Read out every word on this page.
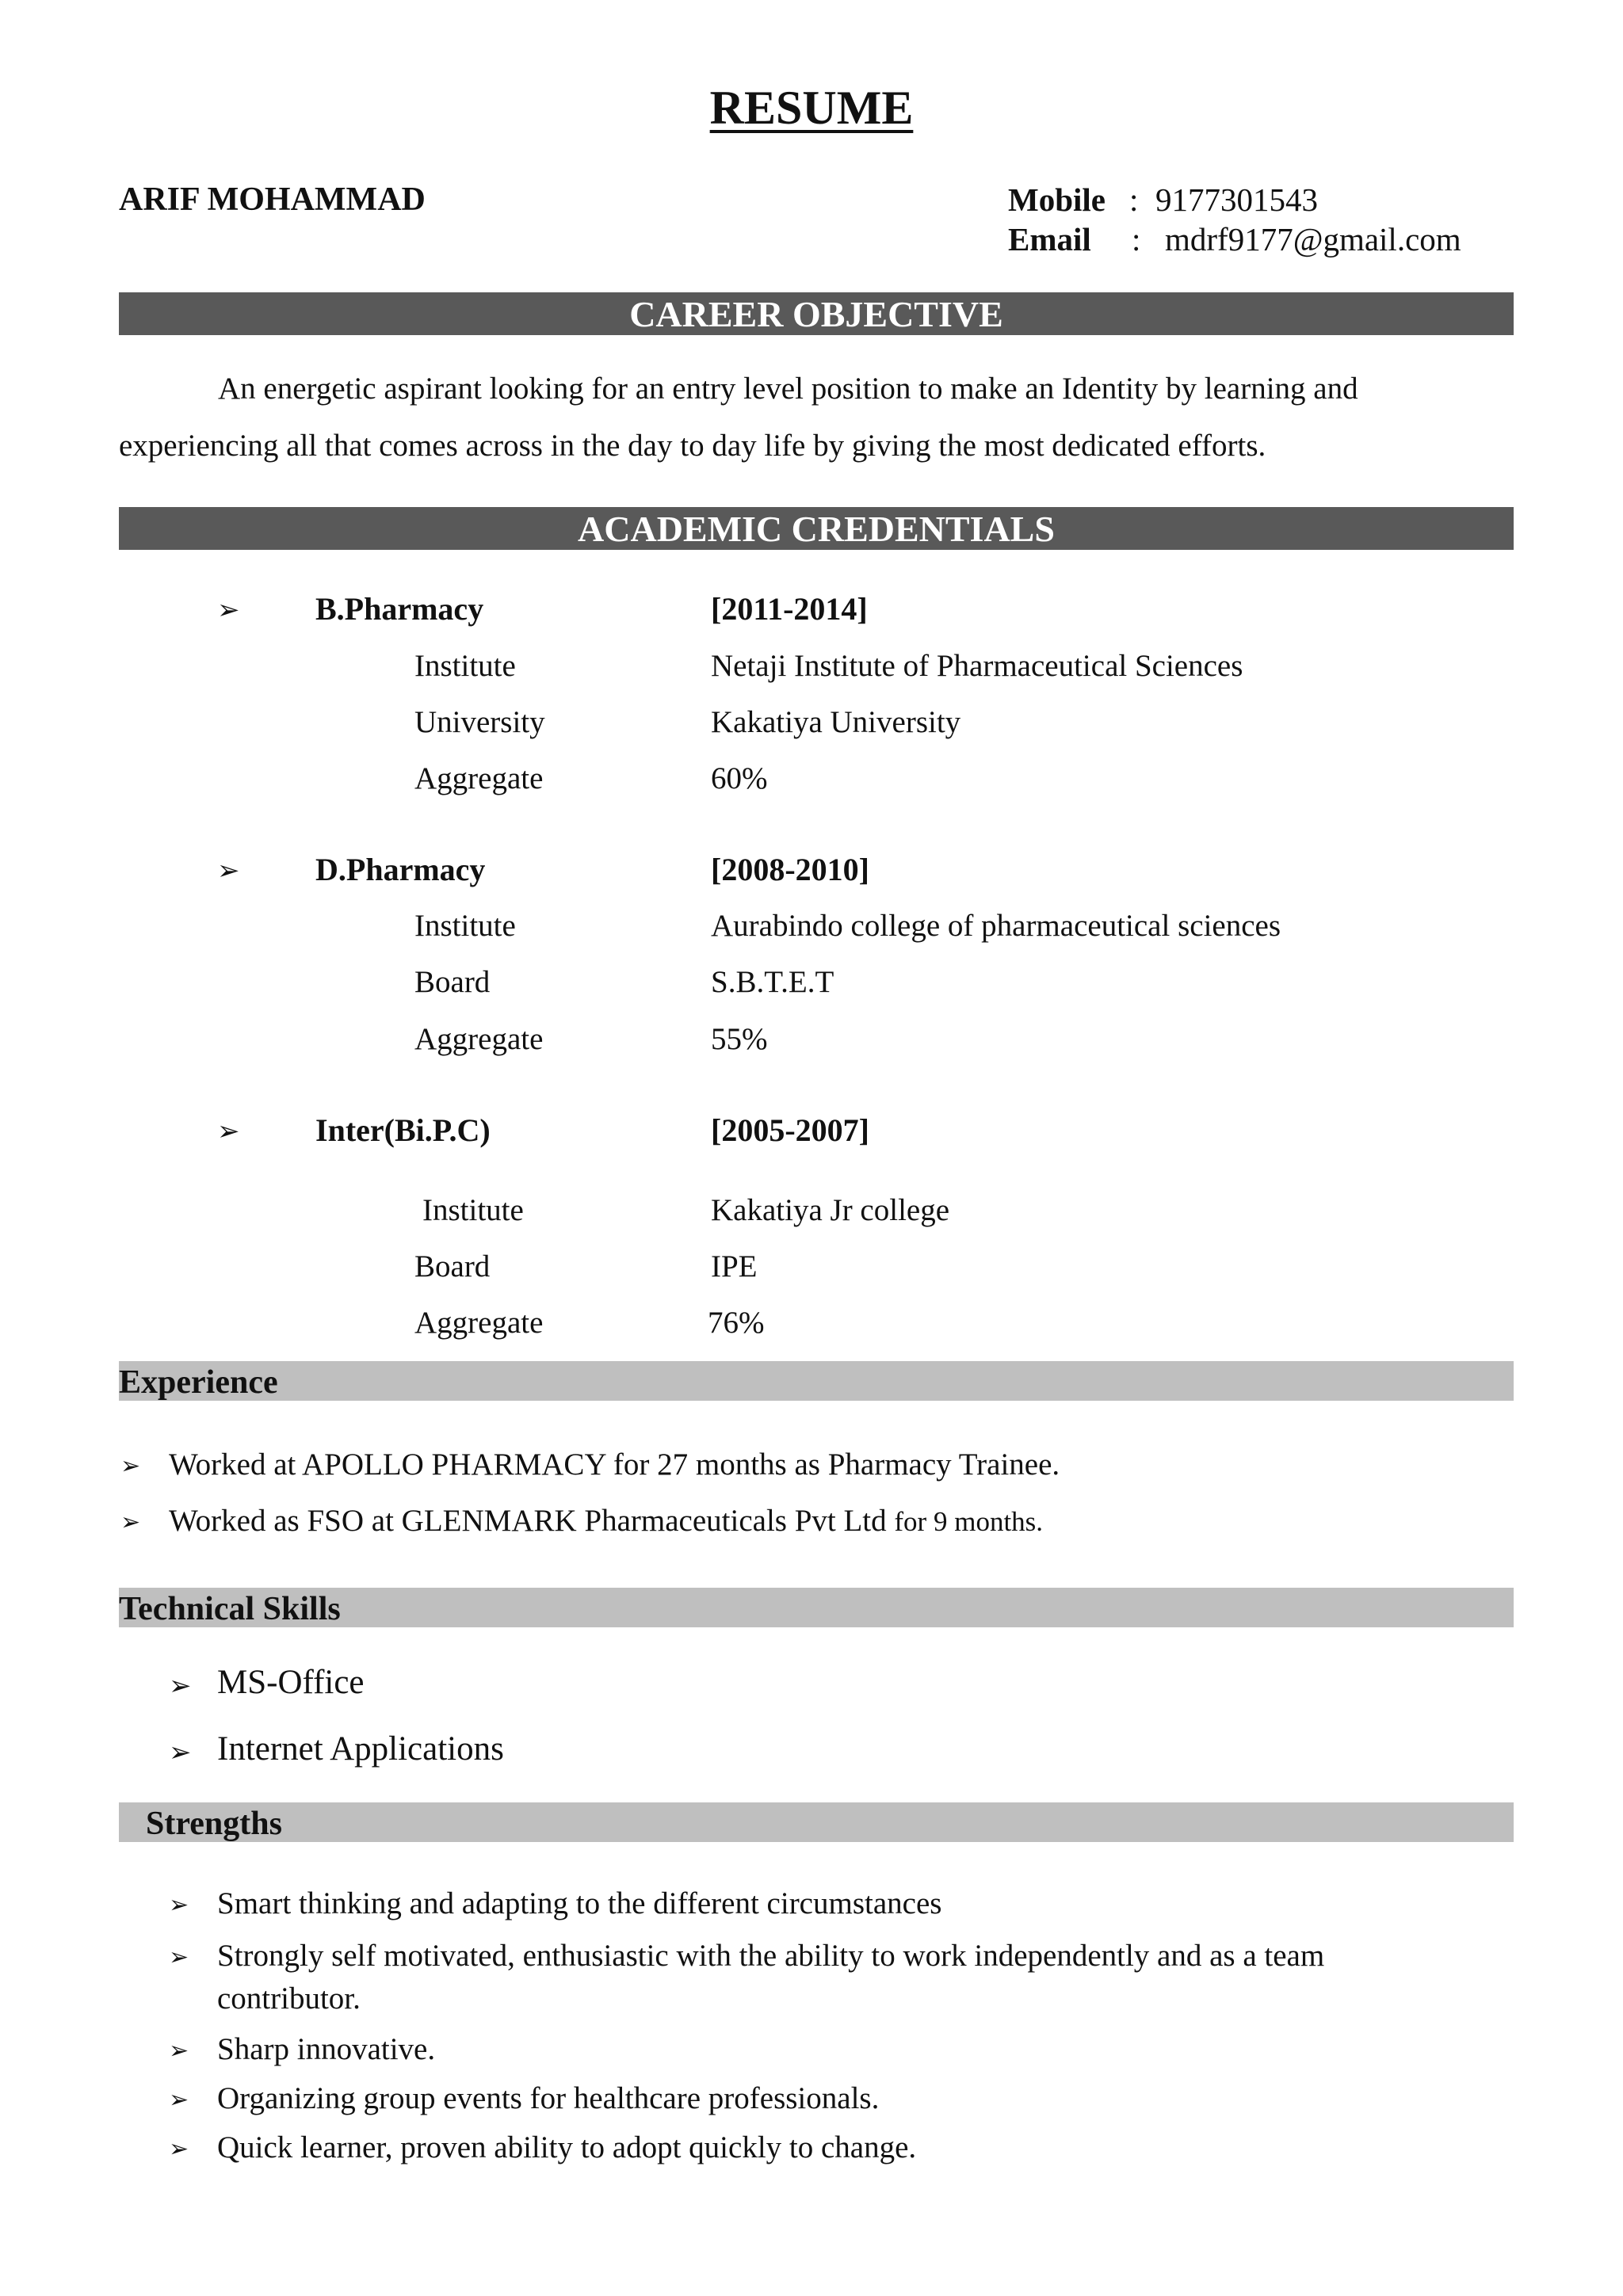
RESUME
ARIF MOHAMMAD	Mobile : 9177301543
Email : mdrf9177@gmail.com
CAREER OBJECTIVE
An energetic aspirant looking for an entry level position to make an Identity by learning and
experiencing all that comes across in the day to day life by giving the most dedicated efforts.
ACADEMIC CREDENTIALS
➢ B.Pharmacy	[2011-2014]
Institute	Netaji Institute of Pharmaceutical Sciences
University	Kakatiya University
Aggregate	60%
➢ D.Pharmacy	[2008-2010]
Institute	Aurabindo college of pharmaceutical sciences
Board	S.B.T.E.T
Aggregate	55%
➢ Inter(Bi.P.C)	[2005-2007]
Institute	Kakatiya Jr college
Board	IPE
Aggregate	76%
Experience
➢ Worked at APOLLO PHARMACY for 27 months as Pharmacy Trainee.
➢ Worked as FSO at GLENMARK Pharmaceuticals Pvt Ltd for 9 months.
Technical Skills
➢ MS-Office
➢ Internet Applications
Strengths
➢ Smart thinking and adapting to the different circumstances
➢ Strongly self motivated, enthusiastic with the ability to work independently and as a team
contributor.
➢ Sharp innovative.
➢ Organizing group events for healthcare professionals.
➢ Quick learner, proven ability to adopt quickly to change.
